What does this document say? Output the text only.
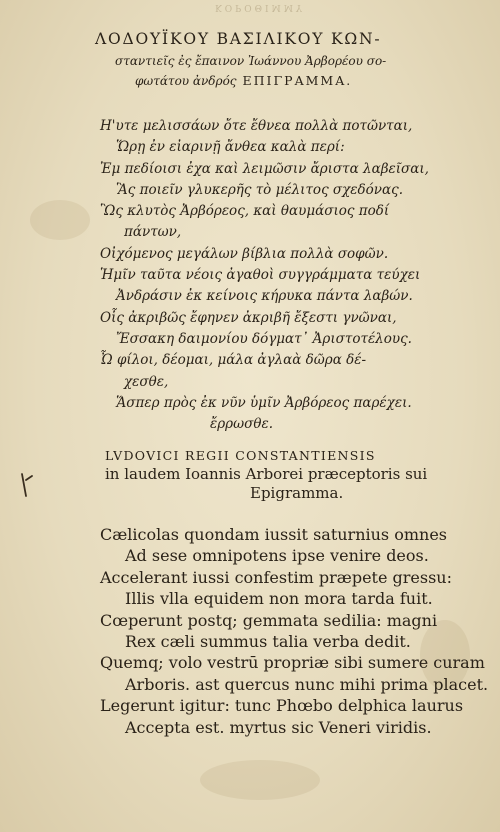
ΚΟΡΟΘΙΜΜΥ
ΛΟΔΟΥΪΚΟΥ ΒΑΣΙΛΙΚΟΥ ΚΩΝ-
σταντιεῖς ἐς ἔπαινον Ἰωάννου Ἀρβορέου σο-
φωτάτου ἀνδρός ΕΠΙΓΡΑΜΜΑ.
Η'υτε μελισσάων ὄτε ἔθνεα πολλὰ ποτῶνται,
Ὥρῃ ἐν εἰαρινῇ ἄνθεα καλὰ περί:
Ἐμ πεδίοισι ἐχα καὶ λειμῶσιν ἄριστα λαβεῖσαι,
Ἃς ποιεῖν γλυκερῆς τὸ μέλιτος σχεδόνας.
Ὣς κλυτὸς Ἀρβόρεος, καὶ θαυμάσιος ποδί
πάντων,
Οἰχόμενος μεγάλων βίβλια πολλὰ σοφῶν.
Ἡμῖν ταῦτα νέοις ἀγαθοὶ συγγράμματα τεύχει
Ἀνδράσιν ἐκ κείνοις κήρυκα πάντα λαβών.
Οἷς ἀκριβῶς ἔφηνεν ἀκριβῆ ἔξεστι γνῶναι,
Ἔσσακη δαιμονίου δόγματ᾽ Ἀριστοτέλους.
Ὦ φίλοι, δέομαι, μάλα ἀγλαὰ δῶρα δέ-
χεσθε,
Ἅσπερ πρὸς ἐκ νῦν ὑμῖν Ἀρβόρεος παρέχει.
ἔρρωσθε.
LVDOVICI REGII CONSTANTIENSIS
in laudem Ioannis Arborei præceptoris sui
Epigramma.
Cælicolas quondam iussit saturnius omnes
Ad sese omnipotens ipse venire deos.
Accelerant iussi confestim præpete gressu:
Illis vlla equidem non mora tarda fuit.
Cœperunt postq; gemmata sedilia: magni
Rex cæli summus talia verba dedit.
Quemq; volo vestrū propriæ sibi sumere curam
Arboris. ast quercus nunc mihi prima placet.
Legerunt igitur: tunc Phœbo delphica laurus
Accepta est. myrtus sic Veneri viridis.
